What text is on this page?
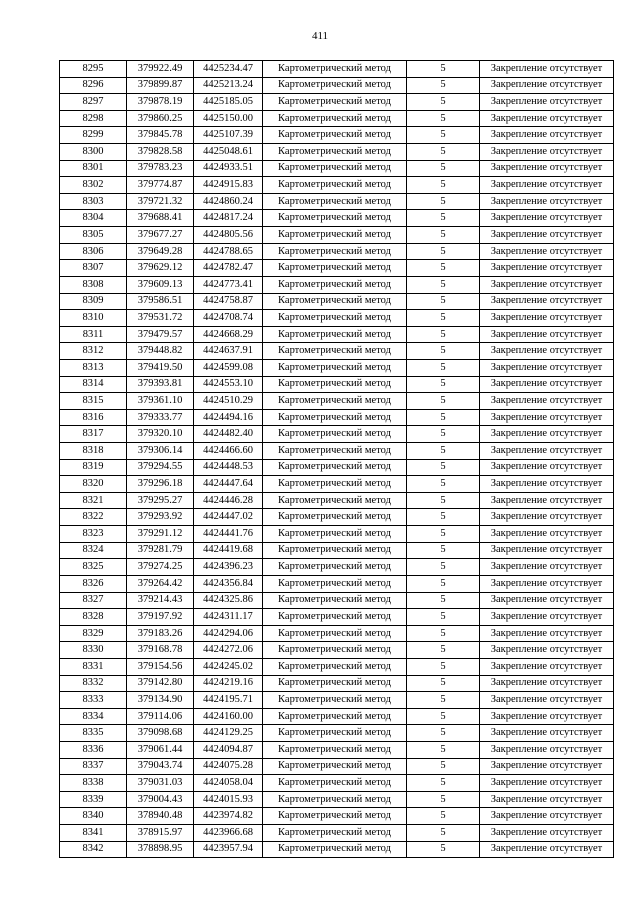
411
8295	379922.49	4425234.47	Картометрический метод	5	Закрепление отсутствует
8296	379899.87	4425213.24	Картометрический метод	5	Закрепление отсутствует
8297	379878.19	4425185.05	Картометрический метод	5	Закрепление отсутствует
8298	379860.25	4425150.00	Картометрический метод	5	Закрепление отсутствует
8299	379845.78	4425107.39	Картометрический метод	5	Закрепление отсутствует
8300	379828.58	4425048.61	Картометрический метод	5	Закрепление отсутствует
8301	379783.23	4424933.51	Картометрический метод	5	Закрепление отсутствует
8302	379774.87	4424915.83	Картометрический метод	5	Закрепление отсутствует
8303	379721.32	4424860.24	Картометрический метод	5	Закрепление отсутствует
8304	379688.41	4424817.24	Картометрический метод	5	Закрепление отсутствует
8305	379677.27	4424805.56	Картометрический метод	5	Закрепление отсутствует
8306	379649.28	4424788.65	Картометрический метод	5	Закрепление отсутствует
8307	379629.12	4424782.47	Картометрический метод	5	Закрепление отсутствует
8308	379609.13	4424773.41	Картометрический метод	5	Закрепление отсутствует
8309	379586.51	4424758.87	Картометрический метод	5	Закрепление отсутствует
8310	379531.72	4424708.74	Картометрический метод	5	Закрепление отсутствует
8311	379479.57	4424668.29	Картометрический метод	5	Закрепление отсутствует
8312	379448.82	4424637.91	Картометрический метод	5	Закрепление отсутствует
8313	379419.50	4424599.08	Картометрический метод	5	Закрепление отсутствует
8314	379393.81	4424553.10	Картометрический метод	5	Закрепление отсутствует
8315	379361.10	4424510.29	Картометрический метод	5	Закрепление отсутствует
8316	379333.77	4424494.16	Картометрический метод	5	Закрепление отсутствует
8317	379320.10	4424482.40	Картометрический метод	5	Закрепление отсутствует
8318	379306.14	4424466.60	Картометрический метод	5	Закрепление отсутствует
8319	379294.55	4424448.53	Картометрический метод	5	Закрепление отсутствует
8320	379296.18	4424447.64	Картометрический метод	5	Закрепление отсутствует
8321	379295.27	4424446.28	Картометрический метод	5	Закрепление отсутствует
8322	379293.92	4424447.02	Картометрический метод	5	Закрепление отсутствует
8323	379291.12	4424441.76	Картометрический метод	5	Закрепление отсутствует
8324	379281.79	4424419.68	Картометрический метод	5	Закрепление отсутствует
8325	379274.25	4424396.23	Картометрический метод	5	Закрепление отсутствует
8326	379264.42	4424356.84	Картометрический метод	5	Закрепление отсутствует
8327	379214.43	4424325.86	Картометрический метод	5	Закрепление отсутствует
8328	379197.92	4424311.17	Картометрический метод	5	Закрепление отсутствует
8329	379183.26	4424294.06	Картометрический метод	5	Закрепление отсутствует
8330	379168.78	4424272.06	Картометрический метод	5	Закрепление отсутствует
8331	379154.56	4424245.02	Картометрический метод	5	Закрепление отсутствует
8332	379142.80	4424219.16	Картометрический метод	5	Закрепление отсутствует
8333	379134.90	4424195.71	Картометрический метод	5	Закрепление отсутствует
8334	379114.06	4424160.00	Картометрический метод	5	Закрепление отсутствует
8335	379098.68	4424129.25	Картометрический метод	5	Закрепление отсутствует
8336	379061.44	4424094.87	Картометрический метод	5	Закрепление отсутствует
8337	379043.74	4424075.28	Картометрический метод	5	Закрепление отсутствует
8338	379031.03	4424058.04	Картометрический метод	5	Закрепление отсутствует
8339	379004.43	4424015.93	Картометрический метод	5	Закрепление отсутствует
8340	378940.48	4423974.82	Картометрический метод	5	Закрепление отсутствует
8341	378915.97	4423966.68	Картометрический метод	5	Закрепление отсутствует
8342	378898.95	4423957.94	Картометрический метод	5	Закрепление отсутствует
